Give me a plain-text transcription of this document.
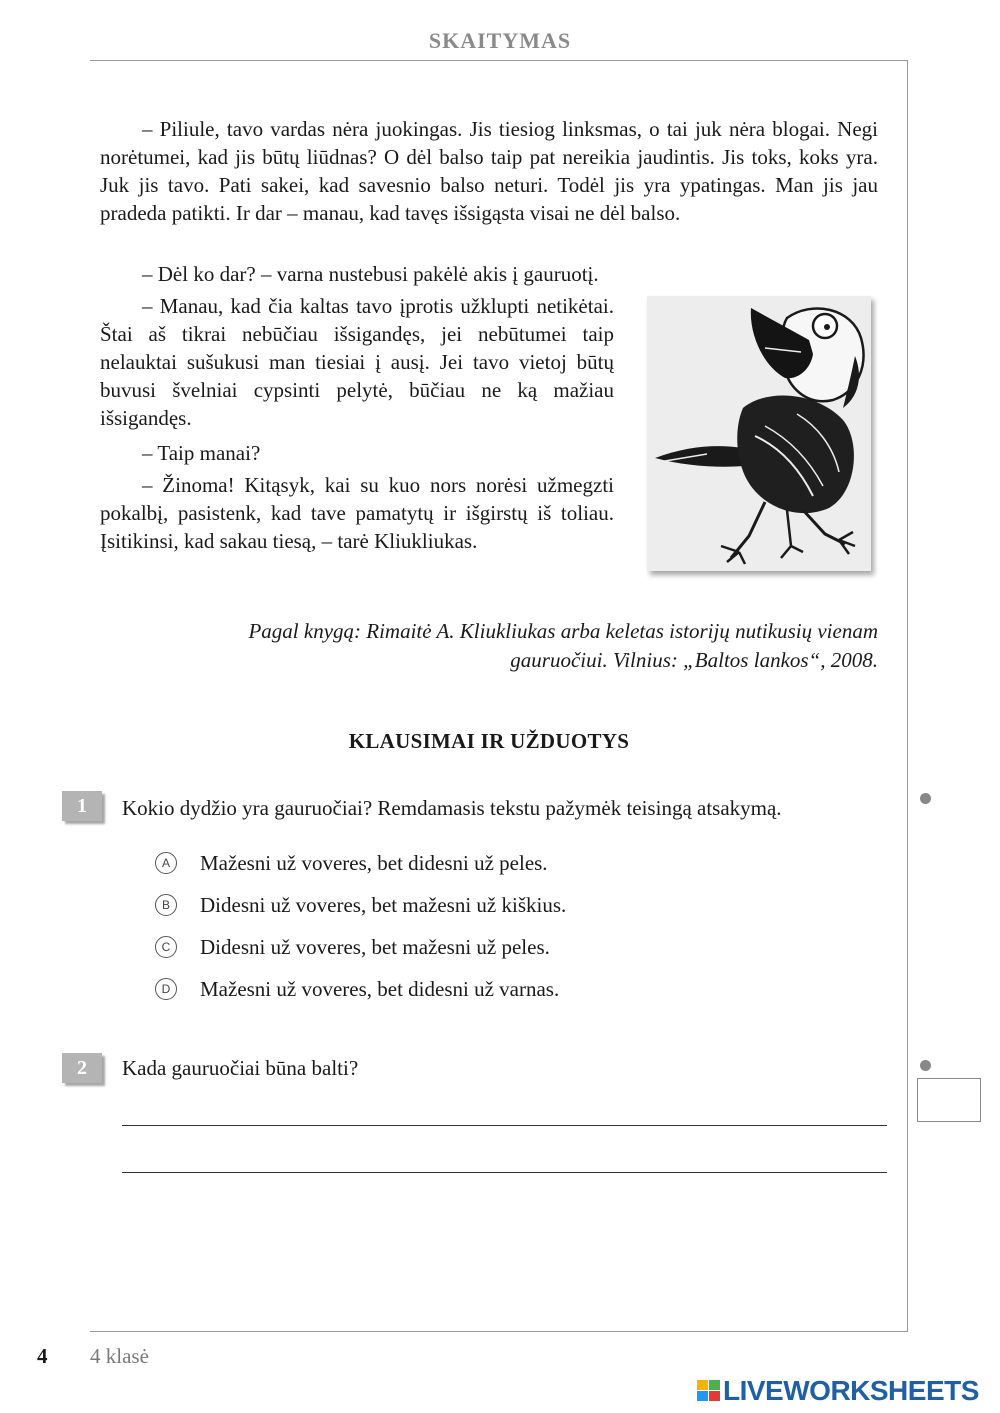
SKAITYMAS

– Piliule, tavo vardas nėra juokingas. Jis tiesiog linksmas, o tai juk nėra blogai. Negi norėtumei, kad jis būtų liūdnas? O dėl balso taip pat nereikia jaudintis. Jis toks, koks yra. Juk jis tavo. Pati sakei, kad savesnio balso neturi. Todėl jis yra ypatingas. Man jis jau pradeda patikti. Ir dar – manau, kad tavęs išsigąsta visai ne dėl balso.

– Dėl ko dar? – varna nustebusi pakėlė akis į gauruotį.

– Manau, kad čia kaltas tavo įprotis užklupti netikėtai. Štai aš tikrai nebūčiau išsigandęs, jei nebūtumei taip nelauktai sušukusi man tiesiai į ausį. Jei tavo vietoj būtų buvusi švelniai cypsinti pelytė, būčiau ne ką mažiau išsigandęs.

– Taip manai?

– Žinoma! Kitąsyk, kai su kuo nors norėsi užmegzti pokalbį, pasistenk, kad tave pamatytų ir išgirstų iš toliau. Įsitikinsi, kad sakau tiesą, – tarė Kliukliukas.

Pagal knygą: Rimaitė A. Kliukliukas arba keletas istorijų nutikusių vienam
gauruočiui. Vilnius: „Baltos lankos“, 2008.

KLAUSIMAI IR UŽDUOTYS
1	Kokio dydžio yra gauruočiai? Remdamasis tekstu pažymėk teisingą atsakymą.
A	Mažesni už voveres, bet didesni už peles.
B	Didesni už voveres, bet mažesni už kiškius.
C	Didesni už voveres, bet mažesni už peles.
D	Mažesni už voveres, bet didesni už varnas.
2	Kada gauruočiai būna balti?
4 4 klasė
LIVEWORKSHEETS
